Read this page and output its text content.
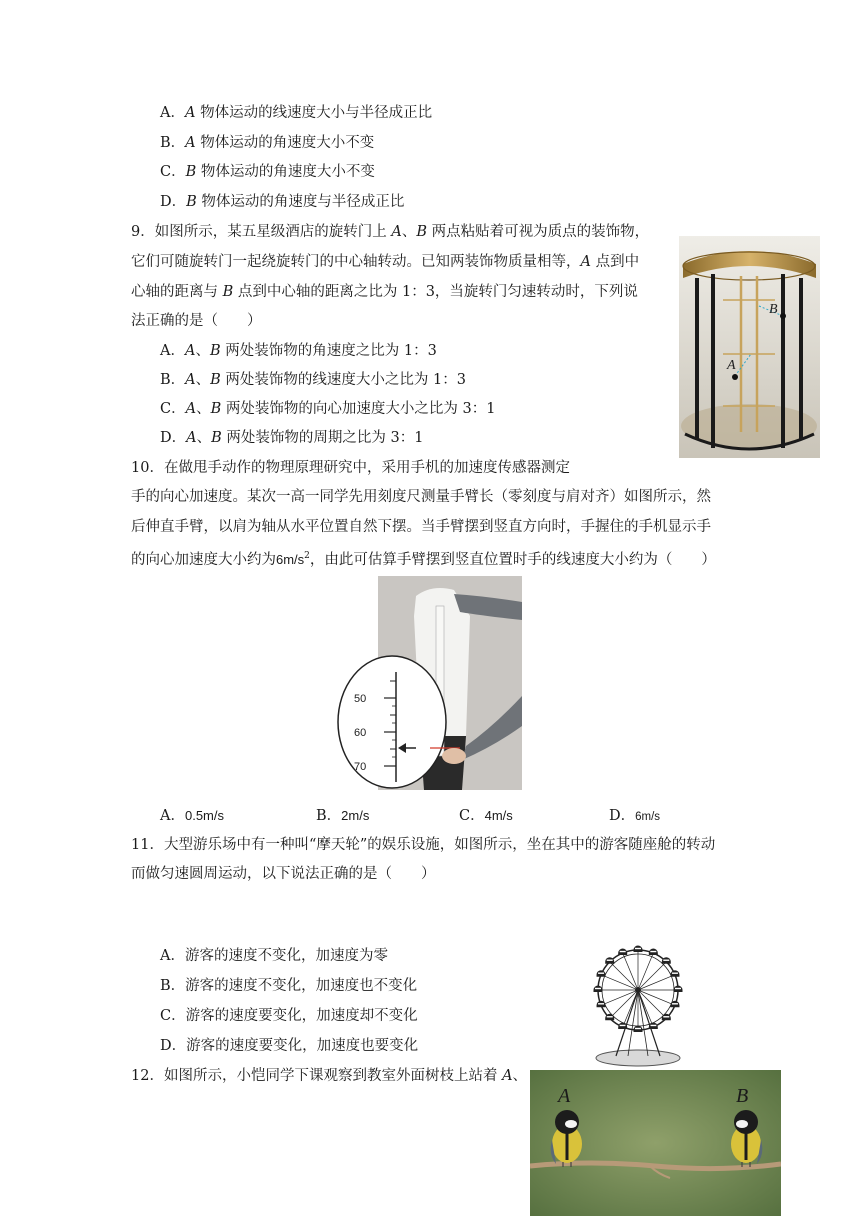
A．A 物体运动的线速度大小与半径成正比
B．A 物体运动的角速度大小不变
C．B 物体运动的角速度大小不变
D．B 物体运动的角速度与半径成正比
9．如图所示，某五星级酒店的旋转门上 A、B 两点粘贴着可视为质点的装饰物，
它们可随旋转门一起绕旋转门的中心轴转动。已知两装饰物质量相等，A 点到中
心轴的距离与 B 点到中心轴的距离之比为 1：3，当旋转门匀速转动时，下列说
法正确的是（　　）
A．A、B 两处装饰物的角速度之比为 1：3
B．A、B 两处装饰物的线速度大小之比为 1：3
C．A、B 两处装饰物的向心加速度大小之比为 3：1
D．A、B 两处装饰物的周期之比为 3：1
A
B
10．在做甩手动作的物理原理研究中，采用手机的加速度传感器测定
手的向心加速度。某次一高一同学先用刻度尺测量手臂长（零刻度与肩对齐）如图所示，然
后伸直手臂，以肩为轴从水平位置自然下摆。当手臂摆到竖直方向时，手握住的手机显示手
的向心加速度大小约为$6m/s^2$，由此可估算手臂摆到竖直位置时手的线速度大小约为（　　）
50
60
70
A．0.5m/s	B．2m/s	C．4m/s	D．6m/s
11．大型游乐场中有一种叫“摩天轮”的娱乐设施，如图所示，坐在其中的游客随座舱的转动
而做匀速圆周运动，以下说法正确的是（　　）
A．游客的速度不变化，加速度为零
B．游客的速度不变化，加速度也不变化
C．游客的速度要变化，加速度却不变化
D．游客的速度要变化，加速度也要变化
12．如图所示，小恺同学下课观察到教室外面树枝上站着 A、
A	B
